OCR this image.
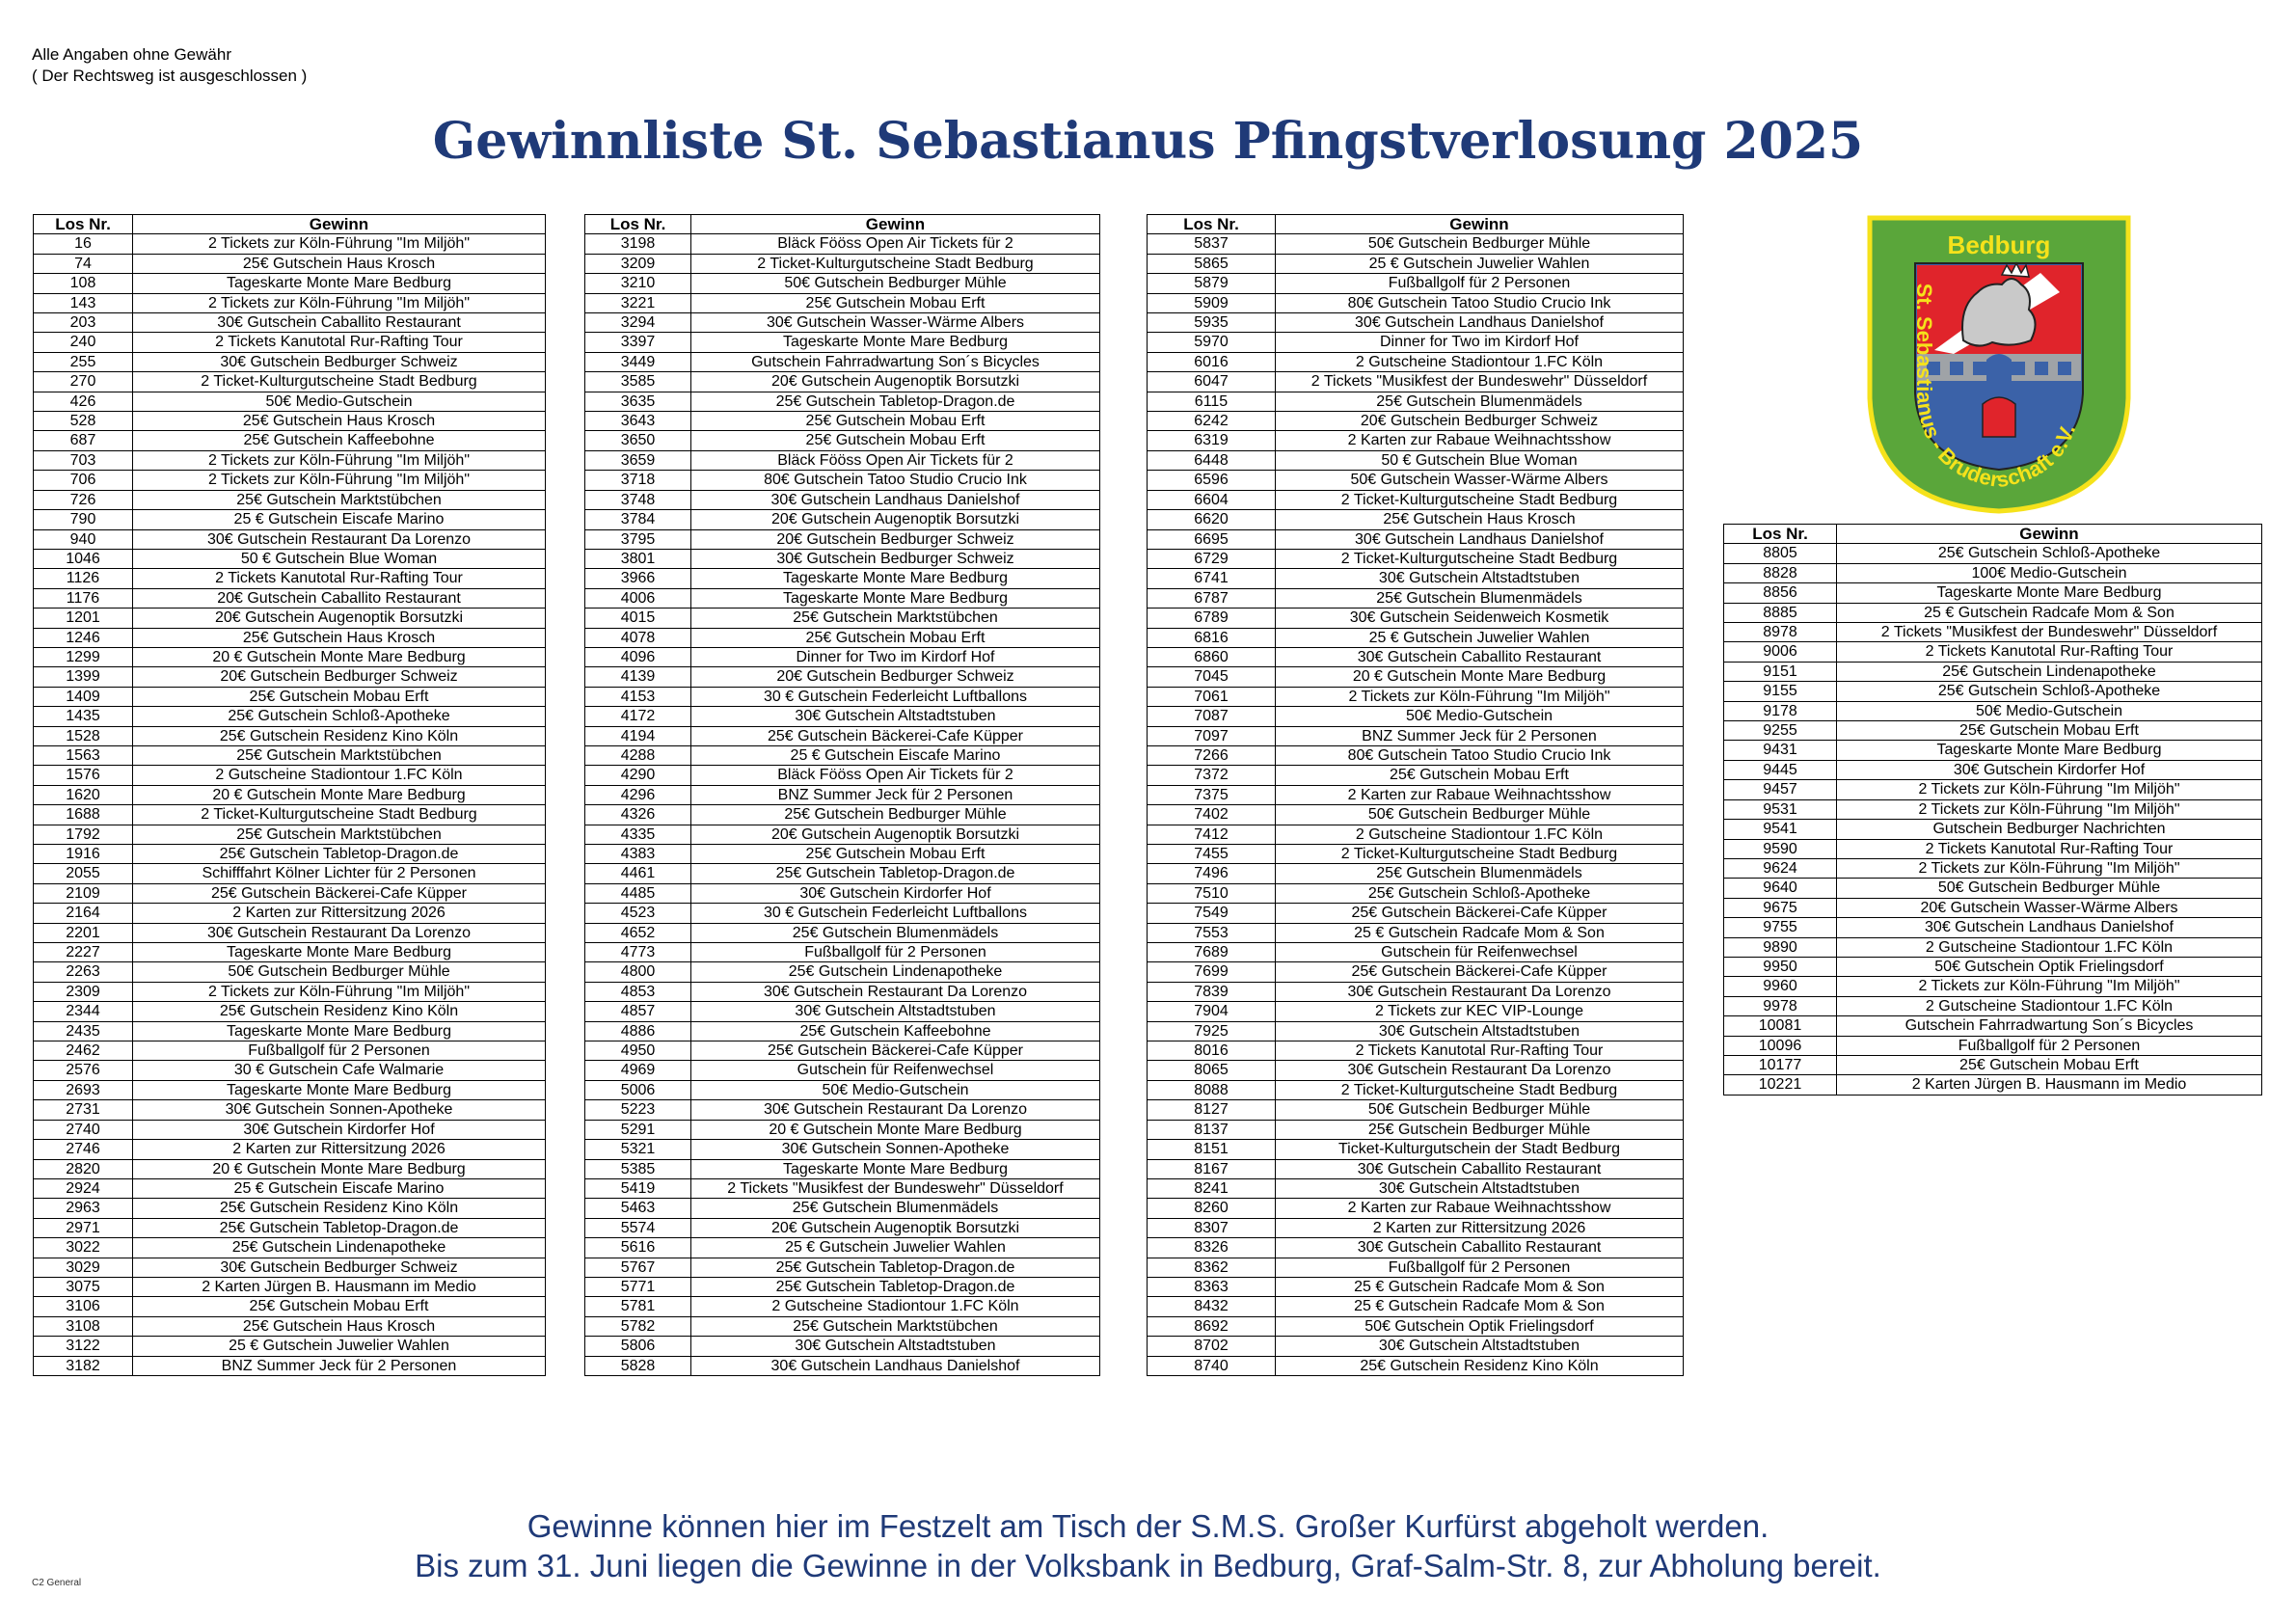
Alle Angaben ohne Gewähr
( Der Rechtsweg ist ausgeschlossen )
Gewinnliste St. Sebastianus Pfingstverlosung 2025
Los Nr.	Gewinn
16	2 Tickets zur Köln-Führung "Im Miljöh"
74	25€ Gutschein Haus Krosch
108	Tageskarte Monte Mare Bedburg
143	2 Tickets zur Köln-Führung "Im Miljöh"
203	30€ Gutschein Caballito Restaurant
240	2 Tickets Kanutotal Rur-Rafting Tour
255	30€ Gutschein Bedburger Schweiz
270	2 Ticket-Kulturgutscheine Stadt Bedburg
426	50€ Medio-Gutschein
528	25€ Gutschein Haus Krosch
687	25€ Gutschein Kaffeebohne
703	2 Tickets zur Köln-Führung "Im Miljöh"
706	2 Tickets zur Köln-Führung "Im Miljöh"
726	25€ Gutschein Marktstübchen
790	25 € Gutschein Eiscafe Marino
940	30€ Gutschein Restaurant Da Lorenzo
1046	50 € Gutschein Blue Woman
1126	2 Tickets Kanutotal Rur-Rafting Tour
1176	20€ Gutschein Caballito Restaurant
1201	20€ Gutschein Augenoptik Borsutzki
1246	25€ Gutschein Haus Krosch
1299	20 € Gutschein Monte Mare Bedburg
1399	20€ Gutschein Bedburger Schweiz
1409	25€ Gutschein Mobau Erft
1435	25€ Gutschein Schloß-Apotheke
1528	25€ Gutschein Residenz Kino Köln
1563	25€ Gutschein Marktstübchen
1576	2 Gutscheine Stadiontour 1.FC Köln
1620	20 € Gutschein Monte Mare Bedburg
1688	2 Ticket-Kulturgutscheine Stadt Bedburg
1792	25€ Gutschein Marktstübchen
1916	25€ Gutschein Tabletop-Dragon.de
2055	Schifffahrt Kölner Lichter für 2 Personen
2109	25€ Gutschein Bäckerei-Cafe Küpper
2164	2 Karten zur Rittersitzung 2026
2201	30€ Gutschein Restaurant Da Lorenzo
2227	Tageskarte Monte Mare Bedburg
2263	50€ Gutschein Bedburger Mühle
2309	2 Tickets zur Köln-Führung "Im Miljöh"
2344	25€ Gutschein Residenz Kino Köln
2435	Tageskarte Monte Mare Bedburg
2462	Fußballgolf für 2 Personen
2576	30 € Gutschein Cafe Walmarie
2693	Tageskarte Monte Mare Bedburg
2731	30€ Gutschein Sonnen-Apotheke
2740	30€ Gutschein Kirdorfer Hof
2746	2 Karten zur Rittersitzung 2026
2820	20 € Gutschein Monte Mare Bedburg
2924	25 € Gutschein Eiscafe Marino
2963	25€ Gutschein Residenz Kino Köln
2971	25€ Gutschein Tabletop-Dragon.de
3022	25€ Gutschein Lindenapotheke
3029	30€ Gutschein Bedburger Schweiz
3075	2 Karten Jürgen B. Hausmann im Medio
3106	25€ Gutschein Mobau Erft
3108	25€ Gutschein Haus Krosch
3122	25 € Gutschein Juwelier Wahlen
3182	BNZ Summer Jeck für 2 Personen
Los Nr.	Gewinn
3198	Bläck Fööss Open Air Tickets für 2
3209	2 Ticket-Kulturgutscheine Stadt Bedburg
3210	50€ Gutschein Bedburger Mühle
3221	25€ Gutschein Mobau Erft
3294	30€ Gutschein Wasser-Wärme Albers
3397	Tageskarte Monte Mare Bedburg
3449	Gutschein Fahrradwartung Son´s Bicycles
3585	20€ Gutschein Augenoptik Borsutzki
3635	25€ Gutschein Tabletop-Dragon.de
3643	25€ Gutschein Mobau Erft
3650	25€ Gutschein Mobau Erft
3659	Bläck Fööss Open Air Tickets für 2
3718	80€ Gutschein Tatoo Studio Crucio Ink
3748	30€ Gutschein Landhaus Danielshof
3784	20€ Gutschein Augenoptik Borsutzki
3795	20€ Gutschein Bedburger Schweiz
3801	30€ Gutschein Bedburger Schweiz
3966	Tageskarte Monte Mare Bedburg
4006	Tageskarte Monte Mare Bedburg
4015	25€ Gutschein Marktstübchen
4078	25€ Gutschein Mobau Erft
4096	Dinner for Two im Kirdorf Hof
4139	20€ Gutschein Bedburger Schweiz
4153	30 € Gutschein Federleicht Luftballons
4172	30€ Gutschein Altstadtstuben
4194	25€ Gutschein Bäckerei-Cafe Küpper
4288	25 € Gutschein Eiscafe Marino
4290	Bläck Fööss Open Air Tickets für 2
4296	BNZ Summer Jeck für 2 Personen
4326	25€ Gutschein Bedburger Mühle
4335	20€ Gutschein Augenoptik Borsutzki
4383	25€ Gutschein Mobau Erft
4461	25€ Gutschein Tabletop-Dragon.de
4485	30€ Gutschein Kirdorfer Hof
4523	30 € Gutschein Federleicht Luftballons
4652	25€ Gutschein Blumenmädels
4773	Fußballgolf für 2 Personen
4800	25€ Gutschein Lindenapotheke
4853	30€ Gutschein Restaurant Da Lorenzo
4857	30€ Gutschein Altstadtstuben
4886	25€ Gutschein Kaffeebohne
4950	25€ Gutschein Bäckerei-Cafe Küpper
4969	Gutschein für Reifenwechsel
5006	50€ Medio-Gutschein
5223	30€ Gutschein Restaurant Da Lorenzo
5291	20 € Gutschein Monte Mare Bedburg
5321	30€ Gutschein Sonnen-Apotheke
5385	Tageskarte Monte Mare Bedburg
5419	2 Tickets "Musikfest der Bundeswehr" Düsseldorf
5463	25€ Gutschein Blumenmädels
5574	20€ Gutschein Augenoptik Borsutzki
5616	25 € Gutschein Juwelier Wahlen
5767	25€ Gutschein Tabletop-Dragon.de
5771	25€ Gutschein Tabletop-Dragon.de
5781	2 Gutscheine Stadiontour 1.FC Köln
5782	25€ Gutschein Marktstübchen
5806	30€ Gutschein Altstadtstuben
5828	30€ Gutschein Landhaus Danielshof
Los Nr.	Gewinn
5837	50€ Gutschein Bedburger Mühle
5865	25 € Gutschein Juwelier Wahlen
5879	Fußballgolf für 2 Personen
5909	80€ Gutschein Tatoo Studio Crucio Ink
5935	30€ Gutschein Landhaus Danielshof
5970	Dinner for Two im Kirdorf Hof
6016	2 Gutscheine Stadiontour 1.FC Köln
6047	2 Tickets "Musikfest der Bundeswehr" Düsseldorf
6115	25€ Gutschein Blumenmädels
6242	20€ Gutschein Bedburger Schweiz
6319	2 Karten zur Rabaue Weihnachtsshow
6448	50 € Gutschein Blue Woman
6596	50€ Gutschein Wasser-Wärme Albers
6604	2 Ticket-Kulturgutscheine Stadt Bedburg
6620	25€ Gutschein Haus Krosch
6695	30€ Gutschein Landhaus Danielshof
6729	2 Ticket-Kulturgutscheine Stadt Bedburg
6741	30€ Gutschein Altstadtstuben
6787	25€ Gutschein Blumenmädels
6789	30€ Gutschein Seidenweich Kosmetik
6816	25 € Gutschein Juwelier Wahlen
6860	30€ Gutschein Caballito Restaurant
7045	20 € Gutschein Monte Mare Bedburg
7061	2 Tickets zur Köln-Führung "Im Miljöh"
7087	50€ Medio-Gutschein
7097	BNZ Summer Jeck für 2 Personen
7266	80€ Gutschein Tatoo Studio Crucio Ink
7372	25€ Gutschein Mobau Erft
7375	2 Karten zur Rabaue Weihnachtsshow
7402	50€ Gutschein Bedburger Mühle
7412	2 Gutscheine Stadiontour 1.FC Köln
7455	2 Ticket-Kulturgutscheine Stadt Bedburg
7496	25€ Gutschein Blumenmädels
7510	25€ Gutschein Schloß-Apotheke
7549	25€ Gutschein Bäckerei-Cafe Küpper
7553	25 € Gutschein Radcafe Mom & Son
7689	Gutschein für Reifenwechsel
7699	25€ Gutschein Bäckerei-Cafe Küpper
7839	30€ Gutschein Restaurant Da Lorenzo
7904	2 Tickets zur KEC VIP-Lounge
7925	30€ Gutschein Altstadtstuben
8016	2 Tickets Kanutotal Rur-Rafting Tour
8065	30€ Gutschein Restaurant Da Lorenzo
8088	2 Ticket-Kulturgutscheine Stadt Bedburg
8127	50€ Gutschein Bedburger Mühle
8137	25€ Gutschein Bedburger Mühle
8151	Ticket-Kulturgutschein der Stadt Bedburg
8167	30€ Gutschein Caballito Restaurant
8241	30€ Gutschein Altstadtstuben
8260	2 Karten zur Rabaue Weihnachtsshow
8307	2 Karten zur Rittersitzung 2026
8326	30€ Gutschein Caballito Restaurant
8362	Fußballgolf für 2 Personen
8363	25 € Gutschein Radcafe Mom & Son
8432	25 € Gutschein Radcafe Mom & Son
8692	50€ Gutschein Optik Frielingsdorf
8702	30€ Gutschein Altstadtstuben
8740	25€ Gutschein Residenz Kino Köln
Los Nr.	Gewinn
8805	25€ Gutschein Schloß-Apotheke
8828	100€ Medio-Gutschein
8856	Tageskarte Monte Mare Bedburg
8885	25 € Gutschein Radcafe Mom & Son
8978	2 Tickets "Musikfest der Bundeswehr" Düsseldorf
9006	2 Tickets Kanutotal Rur-Rafting Tour
9151	25€ Gutschein Lindenapotheke
9155	25€ Gutschein Schloß-Apotheke
9178	50€ Medio-Gutschein
9255	25€ Gutschein Mobau Erft
9431	Tageskarte Monte Mare Bedburg
9445	30€ Gutschein Kirdorfer Hof
9457	2 Tickets zur Köln-Führung "Im Miljöh"
9531	2 Tickets zur Köln-Führung "Im Miljöh"
9541	Gutschein Bedburger Nachrichten
9590	2 Tickets Kanutotal Rur-Rafting Tour
9624	2 Tickets zur Köln-Führung "Im Miljöh"
9640	50€ Gutschein Bedburger Mühle
9675	20€ Gutschein Wasser-Wärme Albers
9755	30€ Gutschein Landhaus Danielshof
9890	2 Gutscheine Stadiontour 1.FC Köln
9950	50€ Gutschein Optik Frielingsdorf
9960	2 Tickets zur Köln-Führung "Im Miljöh"
9978	2 Gutscheine Stadiontour 1.FC Köln
10081	Gutschein Fahrradwartung Son´s Bicycles
10096	Fußballgolf für 2 Personen
10177	25€ Gutschein Mobau Erft
10221	2 Karten Jürgen B. Hausmann im Medio
Bedburg
St. Sebastianus - Bruderschaft e.V.
Gewinne können hier im Festzelt am Tisch der S.M.S. Großer Kurfürst abgeholt werden.
Bis zum 31. Juni liegen die Gewinne in der Volksbank in Bedburg, Graf-Salm-Str. 8, zur Abholung bereit.
C2 General
